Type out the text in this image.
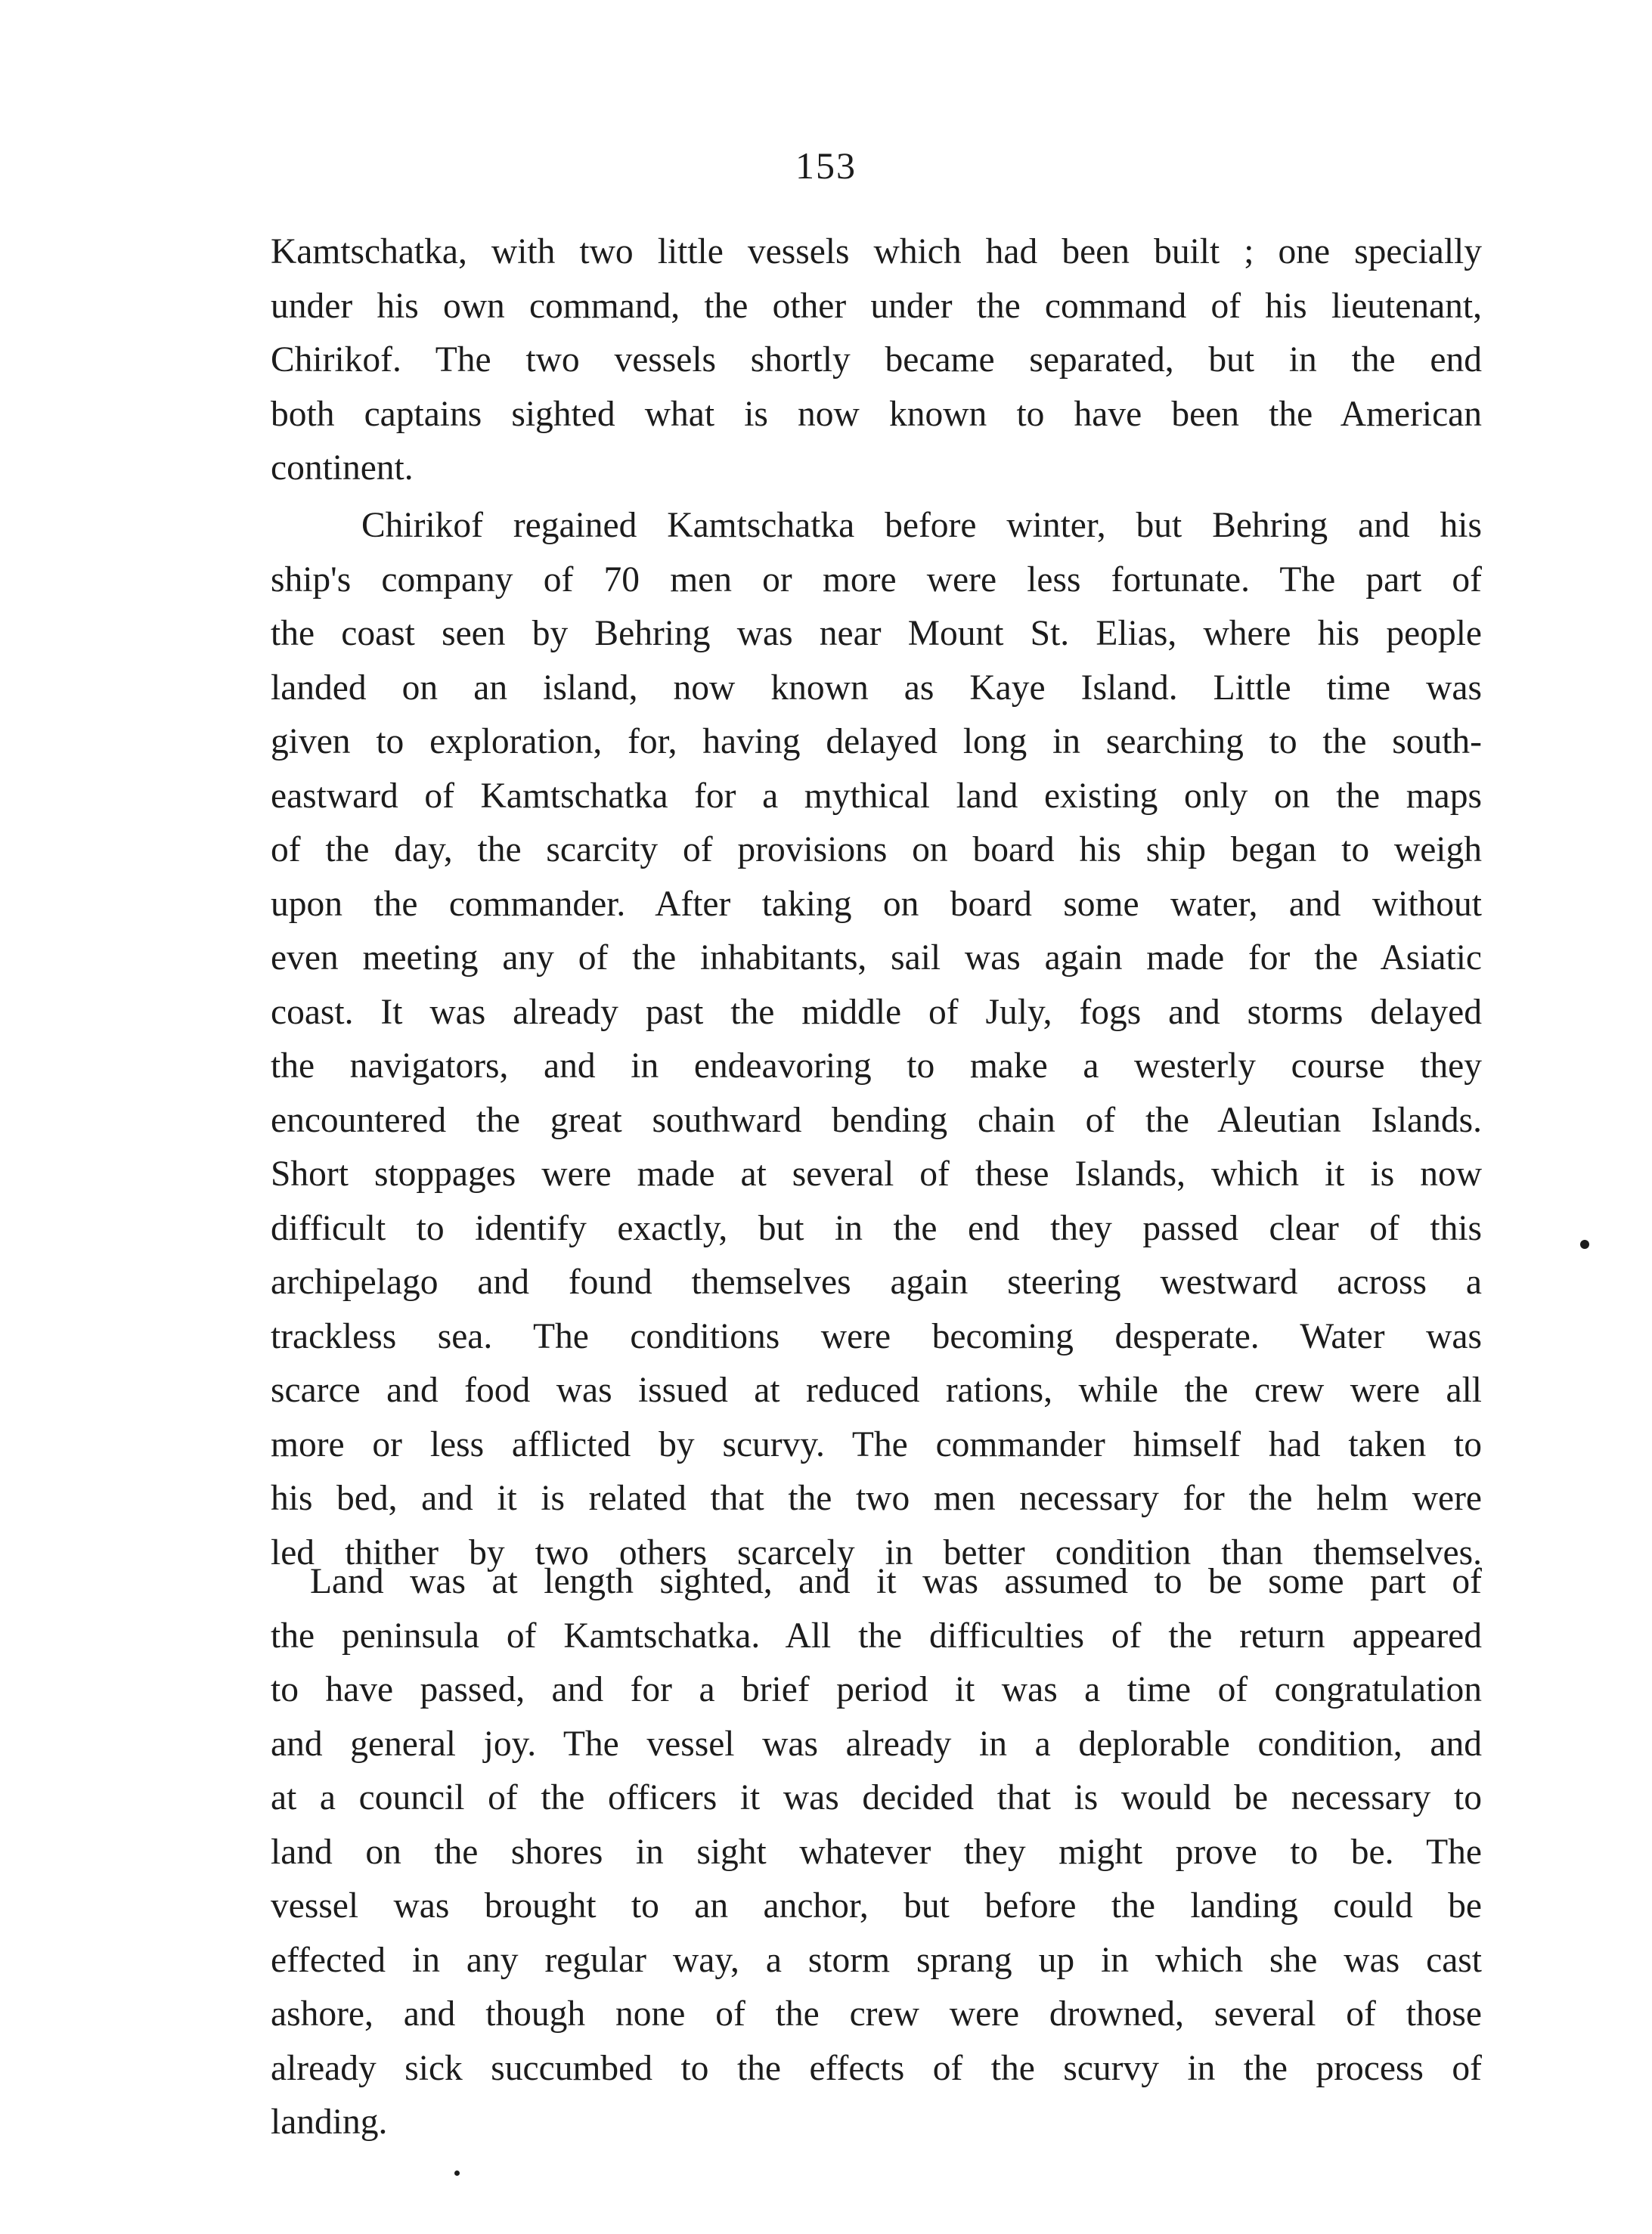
153
Kamtschatka, with two little vessels which had been built ; one specially
under his own command, the other under the command of his lieutenant,
Chirikof. The two vessels shortly became separated, but in the end
both captains sighted what is now known to have been the American
continent.
Chirikof regained Kamtschatka before winter, but Behring and his
ship's company of 70 men or more were less fortunate. The part of
the coast seen by Behring was near Mount St. Elias, where his people
landed on an island, now known as Kaye Island. Little time was
given to exploration, for, having delayed long in searching to the south-
eastward of Kamtschatka for a mythical land existing only on the maps
of the day, the scarcity of provisions on board his ship began to weigh
upon the commander. After taking on board some water, and without
even meeting any of the inhabitants, sail was again made for the Asiatic
coast. It was already past the middle of July, fogs and storms delayed
the navigators, and in endeavoring to make a westerly course they
encountered the great southward bending chain of the Aleutian Islands.
Short stoppages were made at several of these Islands, which it is now
difficult to identify exactly, but in the end they passed clear of this
archipelago and found themselves again steering westward across a
trackless sea. The conditions were becoming desperate. Water was
scarce and food was issued at reduced rations, while the crew were all
more or less afflicted by scurvy. The commander himself had taken to
his bed, and it is related that the two men necessary for the helm were
led thither by two others scarcely in better condition than themselves.
Land was at length sighted, and it was assumed to be some part of
the peninsula of Kamtschatka. All the difficulties of the return appeared
to have passed, and for a brief period it was a time of congratulation
and general joy. The vessel was already in a deplorable condition, and
at a council of the officers it was decided that is would be necessary to
land on the shores in sight whatever they might prove to be. The
vessel was brought to an anchor, but before the landing could be
effected in any regular way, a storm sprang up in which she was cast
ashore, and though none of the crew were drowned, several of those
already sick succumbed to the effects of the scurvy in the process of
landing.
